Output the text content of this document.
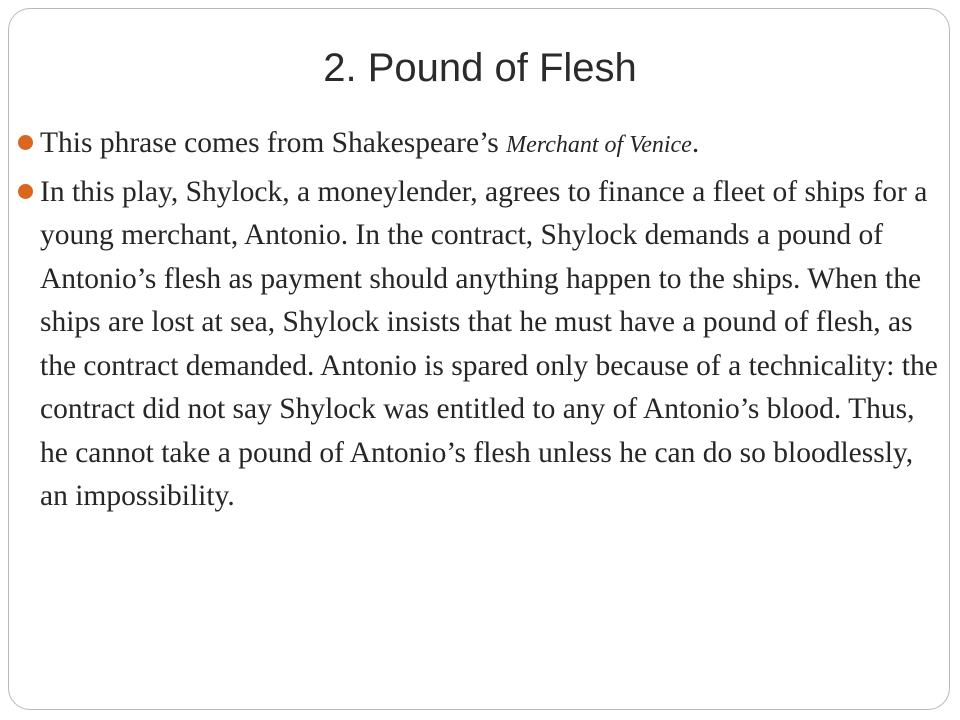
2. Pound of Flesh
This phrase comes from Shakespeare’s Merchant of Venice.
In this play, Shylock, a moneylender, agrees to finance a fleet of ships for a young merchant, Antonio. In the contract, Shylock demands a pound of Antonio’s flesh as payment should anything happen to the ships. When the ships are lost at sea, Shylock insists that he must have a pound of flesh, as the contract demanded. Antonio is spared only because of a technicality: the contract did not say Shylock was entitled to any of Antonio’s blood. Thus, he cannot take a pound of Antonio’s flesh unless he can do so bloodlessly, an impossibility.
